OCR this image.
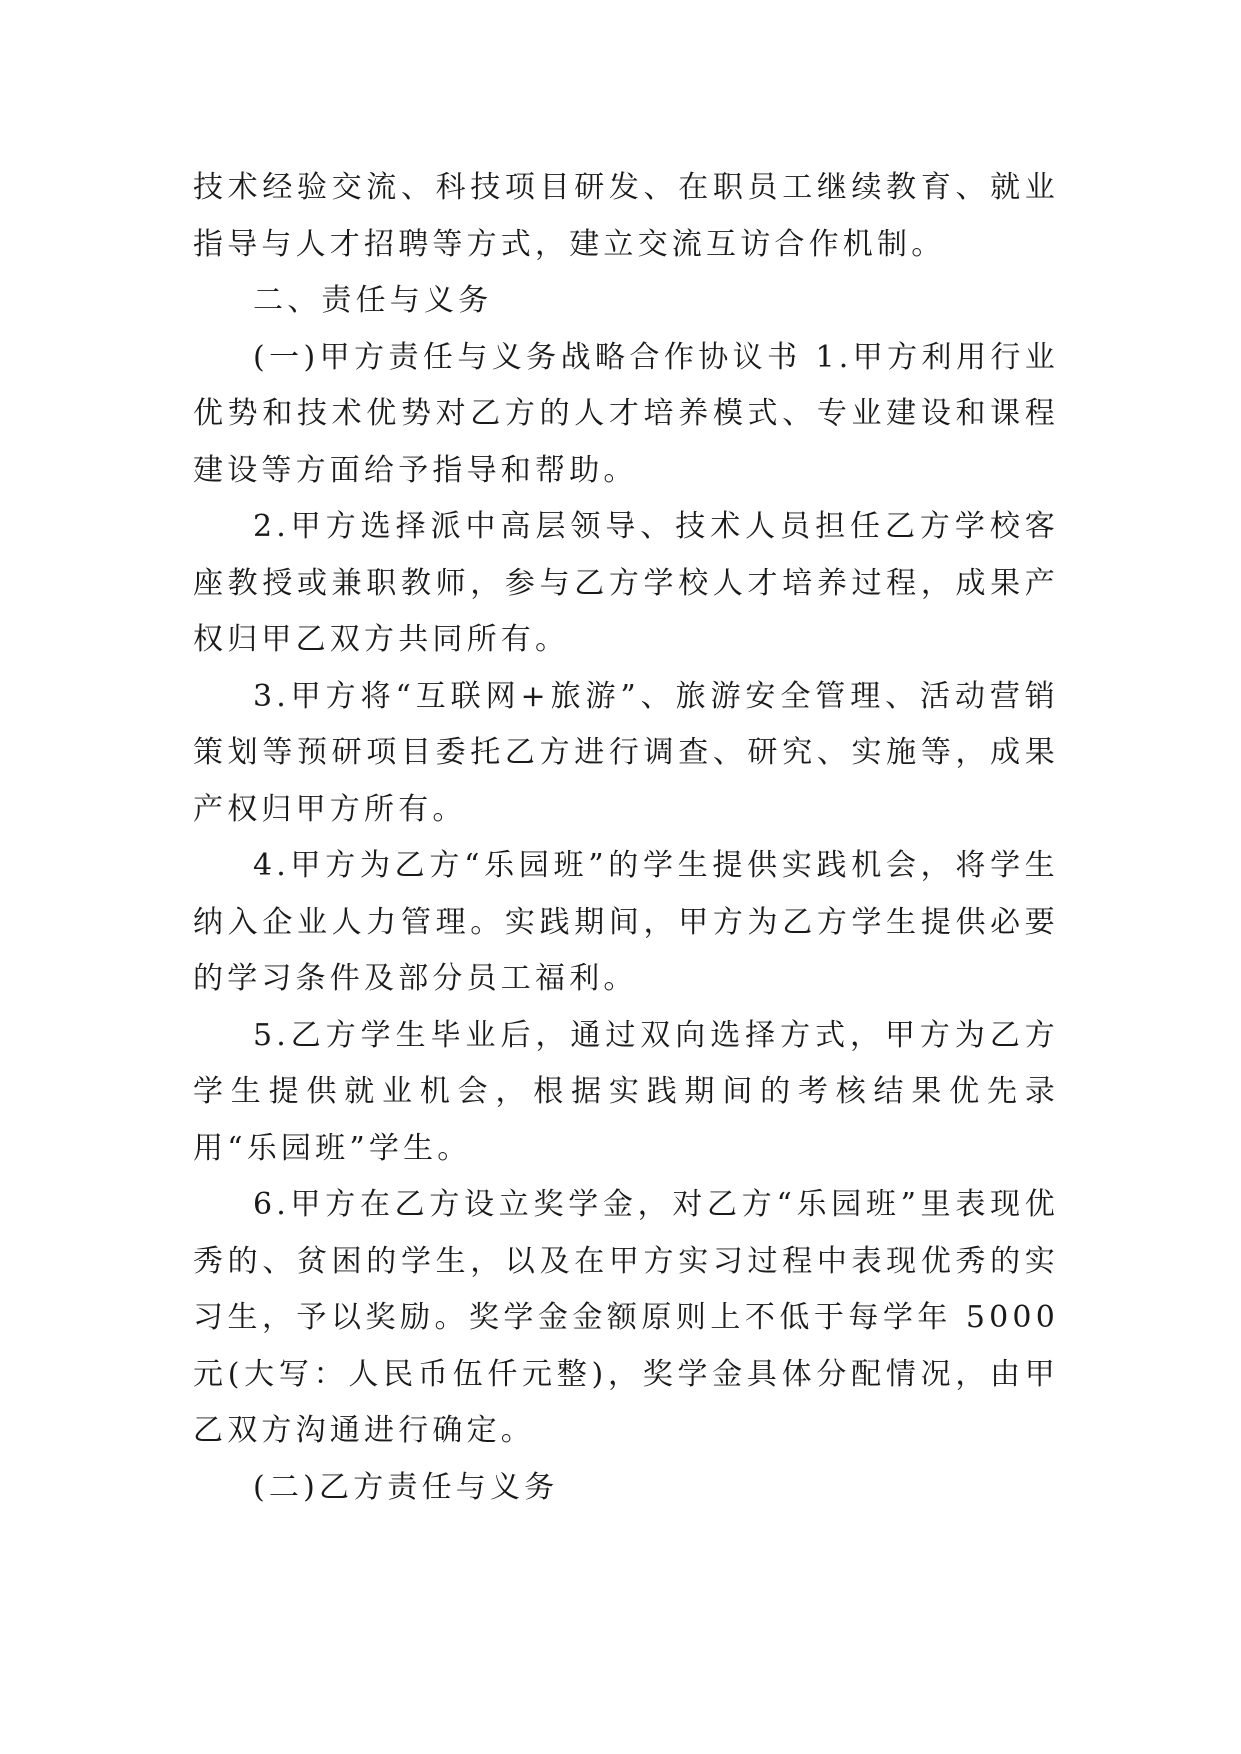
技术经验交流、科技项目研发、在职员工继续教育、就业指导与人才招聘等方式，建立交流互访合作机制。

二、责任与义务

(一)甲方责任与义务战略合作协议书 1.甲方利用行业优势和技术优势对乙方的人才培养模式、专业建设和课程建设等方面给予指导和帮助。

2.甲方选择派中高层领导、技术人员担任乙方学校客座教授或兼职教师，参与乙方学校人才培养过程，成果产权归甲乙双方共同所有。

3.甲方将“互联网+旅游”、旅游安全管理、活动营销策划等预研项目委托乙方进行调查、研究、实施等，成果产权归甲方所有。

4.甲方为乙方“乐园班”的学生提供实践机会，将学生纳入企业人力管理。实践期间，甲方为乙方学生提供必要的学习条件及部分员工福利。

5.乙方学生毕业后，通过双向选择方式，甲方为乙方学生提供就业机会，根据实践期间的考核结果优先录用“乐园班”学生。

6.甲方在乙方设立奖学金，对乙方“乐园班”里表现优秀的、贫困的学生，以及在甲方实习过程中表现优秀的实习生，予以奖励。奖学金金额原则上不低于每学年 5000 元(大写：人民币伍仟元整)，奖学金具体分配情况，由甲乙双方沟通进行确定。

(二)乙方责任与义务
